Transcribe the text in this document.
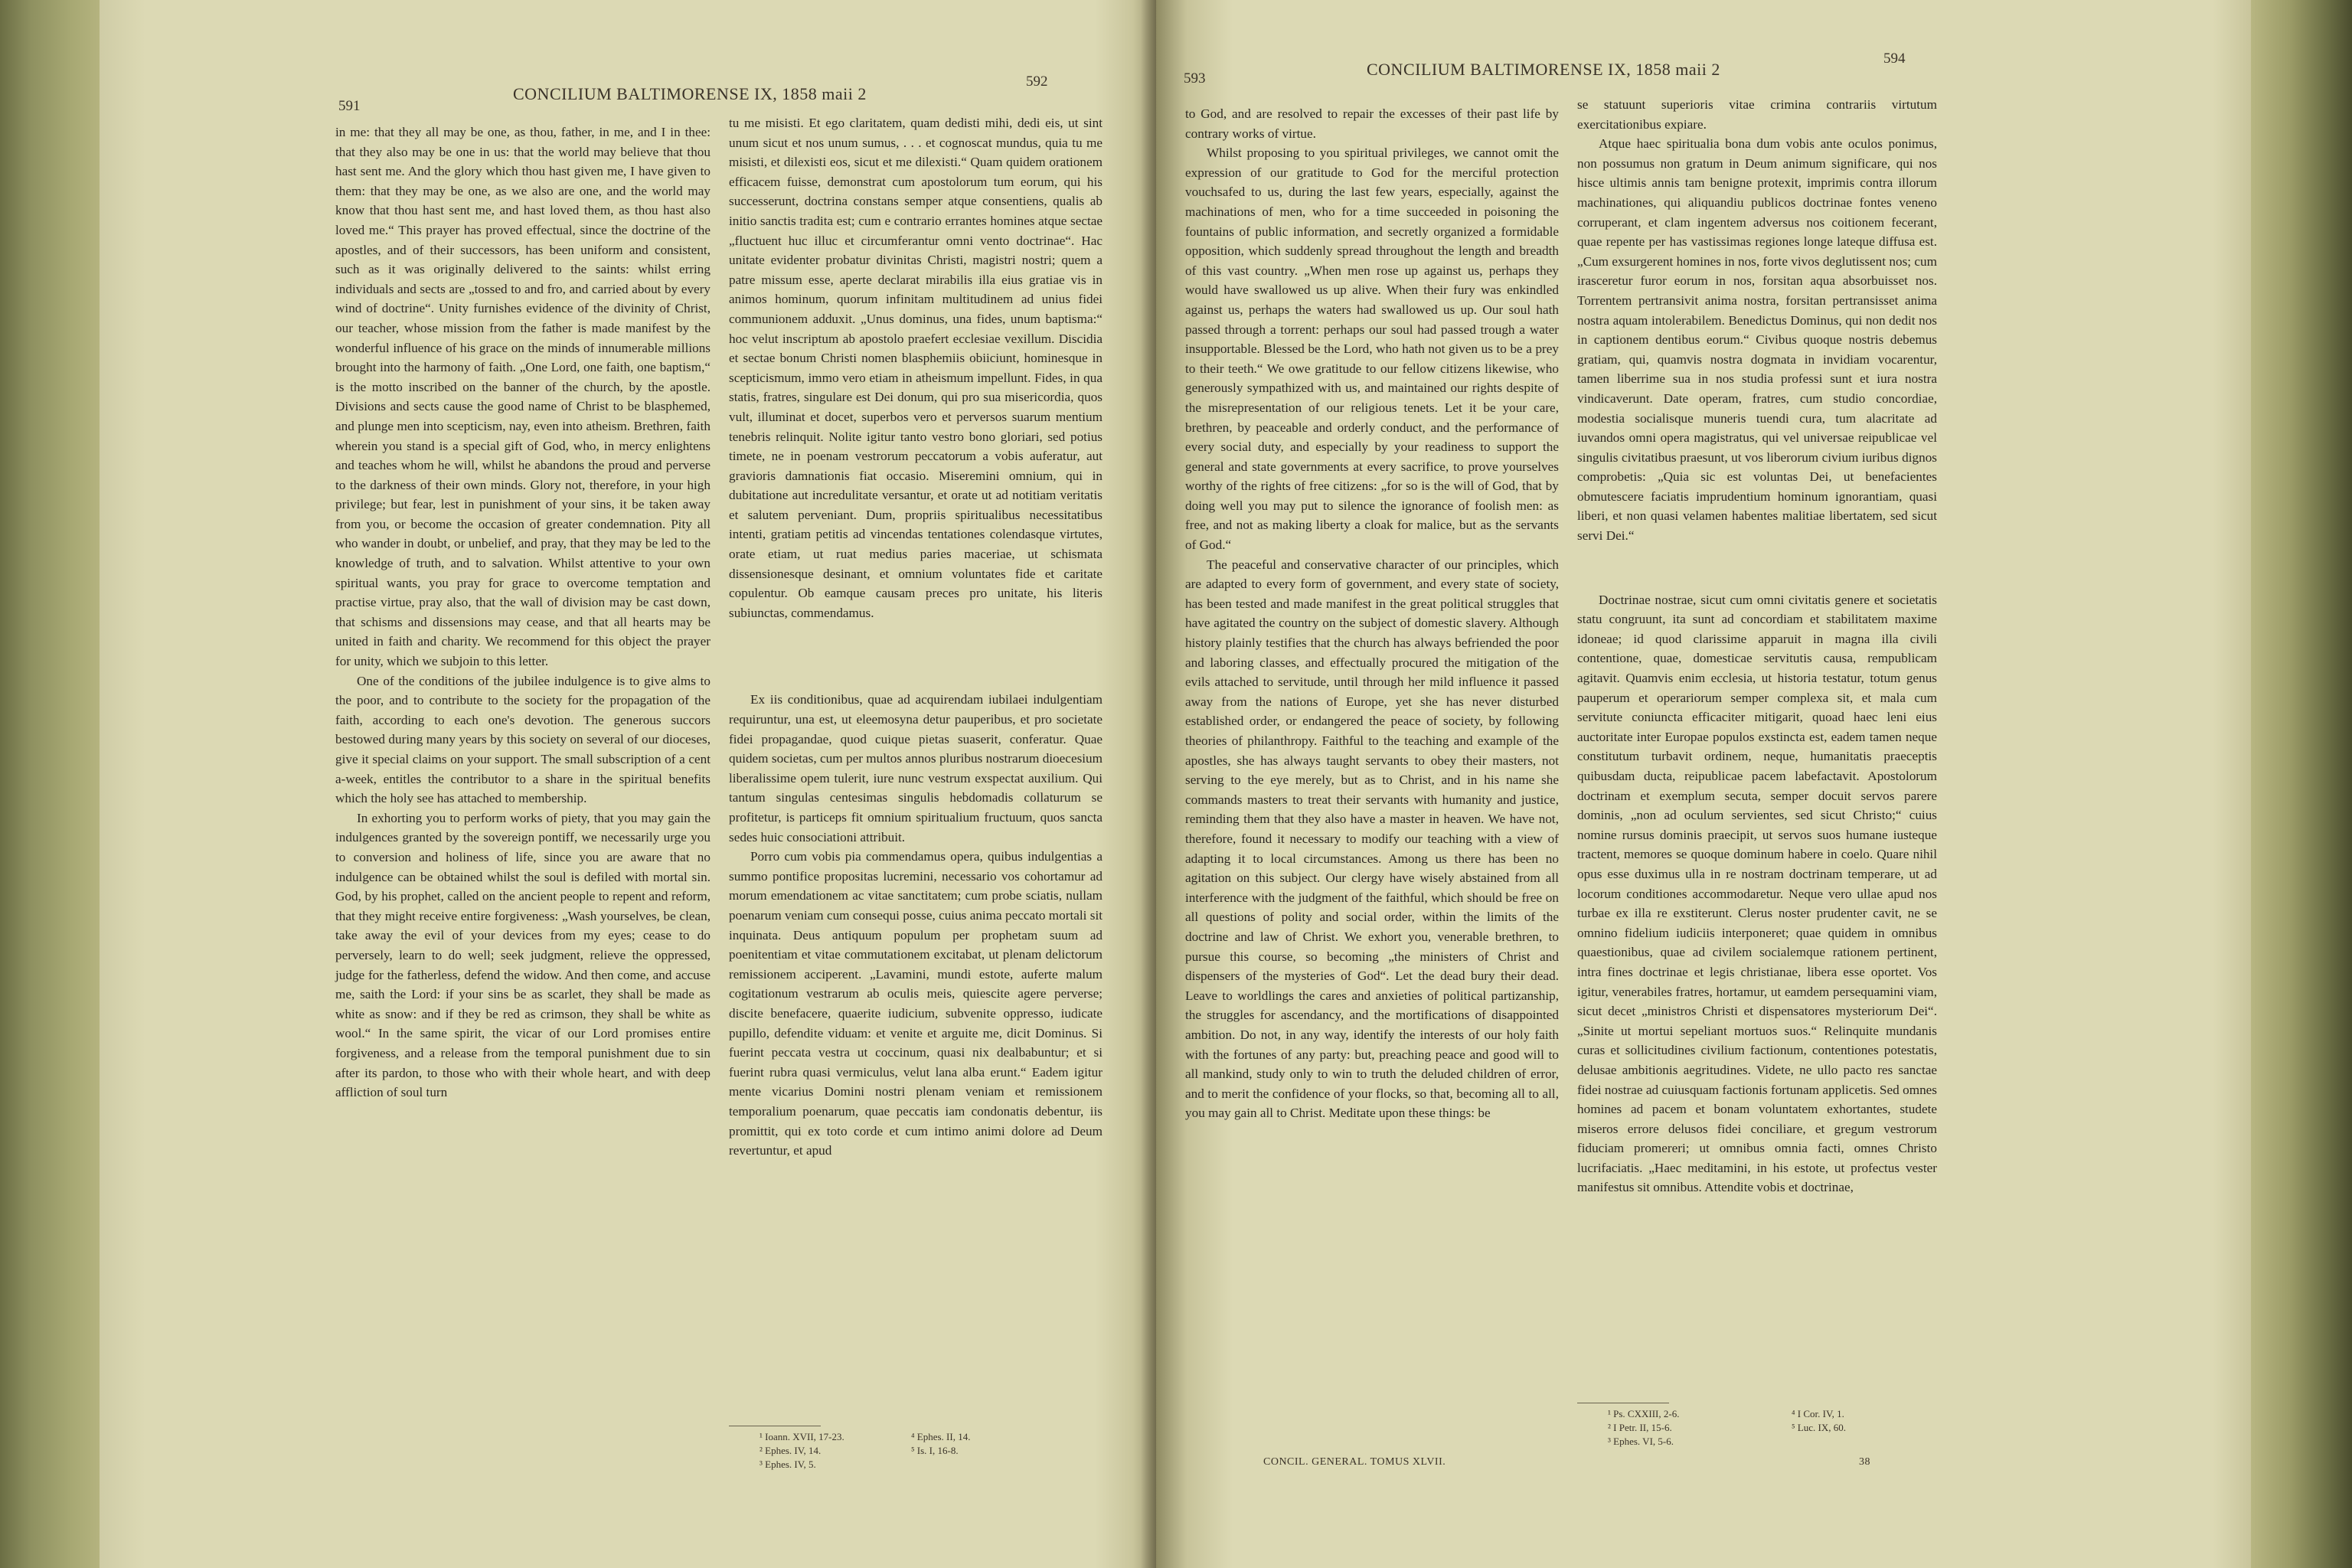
591
CONCILIUM BALTIMORENSE IX, 1858 maii 2
592

in me: that they all may be one, as thou, father, in me, and I in thee: that they also may be one in us: that the world may believe that thou hast sent me. And the glory which thou hast given me, I have given to them: that they may be one, as we also are one, and the world may know that thou hast sent me, and hast loved them, as thou hast also loved me.“ This prayer has proved effectual, since the doctrine of the apostles, and of their successors, has been uniform and consistent, such as it was originally delivered to the saints: whilst erring individuals and sects are „tossed to and fro, and carried about by every wind of doctrine“. Unity furnishes evidence of the divinity of Christ, our teacher, whose mission from the father is made manifest by the wonderful influence of his grace on the minds of innumerable millions brought into the harmony of faith. „One Lord, one faith, one baptism,“ is the motto inscribed on the banner of the church, by the apostle. Divisions and sects cause the good name of Christ to be blasphemed, and plunge men into scepticism, nay, even into atheism. Brethren, faith wherein you stand is a special gift of God, who, in mercy enlightens and teaches whom he will, whilst he abandons the proud and perverse to the darkness of their own minds. Glory not, therefore, in your high privilege; but fear, lest in punishment of your sins, it be taken away from you, or become the occasion of greater condemnation. Pity all who wander in doubt, or unbelief, and pray, that they may be led to the knowledge of truth, and to salvation. Whilst attentive to your own spiritual wants, you pray for grace to overcome temptation and practise virtue, pray also, that the wall of division may be cast down, that schisms and dissensions may cease, and that all hearts may be united in faith and charity. We recommend for this object the prayer for unity, which we subjoin to this letter.

One of the conditions of the jubilee indulgence is to give alms to the poor, and to contribute to the society for the propagation of the faith, according to each one's devotion. The generous succors bestowed during many years by this society on several of our dioceses, give it special claims on your support. The small subscription of a cent a-week, entitles the contributor to a share in the spiritual benefits which the holy see has attached to membership.

In exhorting you to perform works of piety, that you may gain the indulgences granted by the sovereign pontiff, we necessarily urge you to conversion and holiness of life, since you are aware that no indulgence can be obtained whilst the soul is defiled with mortal sin. God, by his prophet, called on the ancient people to repent and reform, that they might receive entire forgiveness: „Wash yourselves, be clean, take away the evil of your devices from my eyes; cease to do perversely, learn to do well; seek judgment, relieve the oppressed, judge for the fatherless, defend the widow. And then come, and accuse me, saith the Lord: if your sins be as scarlet, they shall be made as white as snow: and if they be red as crimson, they shall be white as wool.“ In the same spirit, the vicar of our Lord promises entire forgiveness, and a release from the temporal punishment due to sin after its pardon, to those who with their whole heart, and with deep affliction of soul turn

tu me misisti. Et ego claritatem, quam dedisti mihi, dedi eis, ut sint unum sicut et nos unum sumus, . . . et cognoscat mundus, quia tu me misisti, et dilexisti eos, sicut et me dilexisti.“ Quam quidem orationem efficacem fuisse, demonstrat cum apostolorum tum eorum, qui his successerunt, doctrina constans semper atque consentiens, qualis ab initio sanctis tradita est; cum e contrario errantes homines atque sectae „fluctuent huc illuc et circumferantur omni vento doctrinae“. Hac unitate evidenter probatur divinitas Christi, magistri nostri; quem a patre missum esse, aperte declarat mirabilis illa eius gratiae vis in animos hominum, quorum infinitam multitudinem ad unius fidei communionem adduxit. „Unus dominus, una fides, unum baptisma:“ hoc velut inscriptum ab apostolo praefert ecclesiae vexillum. Discidia et sectae bonum Christi nomen blasphemiis obiiciunt, hominesque in scepticismum, immo vero etiam in atheismum impellunt. Fides, in qua statis, fratres, singulare est Dei donum, qui pro sua misericordia, quos vult, illuminat et docet, superbos vero et perversos suarum mentium tenebris relinquit. Nolite igitur tanto vestro bono gloriari, sed potius timete, ne in poenam vestrorum peccatorum a vobis auferatur, aut gravioris damnationis fiat occasio. Miseremini omnium, qui in dubitatione aut incredulitate versantur, et orate ut ad notitiam veritatis et salutem perveniant. Dum, propriis spiritualibus necessitatibus intenti, gratiam petitis ad vincendas tentationes colendasque virtutes, orate etiam, ut ruat medius paries maceriae, ut schismata dissensionesque desinant, et omnium voluntates fide et caritate copulentur. Ob eamque causam preces pro unitate, his literis subiunctas, commendamus.

Ex iis conditionibus, quae ad acquirendam iubilaei indulgentiam requiruntur, una est, ut eleemosyna detur pauperibus, et pro societate fidei propagandae, quod cuique pietas suaserit, conferatur. Quae quidem societas, cum per multos annos pluribus nostrarum dioecesium liberalissime opem tulerit, iure nunc vestrum exspectat auxilium. Qui tantum singulas centesimas singulis hebdomadis collaturum se profitetur, is particeps fit omnium spiritualium fructuum, quos sancta sedes huic consociationi attribuit.

Porro cum vobis pia commendamus opera, quibus indulgentias a summo pontifice propositas lucremini, necessario vos cohortamur ad morum emendationem ac vitae sanctitatem; cum probe sciatis, nullam poenarum veniam cum consequi posse, cuius anima peccato mortali sit inquinata. Deus antiquum populum per prophetam suum ad poenitentiam et vitae commutationem excitabat, ut plenam delictorum remissionem acciperent. „Lavamini, mundi estote, auferte malum cogitationum vestrarum ab oculis meis, quiescite agere perverse; discite benefacere, quaerite iudicium, subvenite oppresso, iudicate pupillo, defendite viduam: et venite et arguite me, dicit Dominus. Si fuerint peccata vestra ut coccinum, quasi nix dealbabuntur; et si fuerint rubra quasi vermiculus, velut lana alba erunt.“ Eadem igitur mente vicarius Domini nostri plenam veniam et remissionem temporalium poenarum, quae peccatis iam condonatis debentur, iis promittit, qui ex toto corde et cum intimo animi dolore ad Deum revertuntur, et apud

¹ Ioann. XVII, 17-23.
² Ephes. IV, 14.
³ Ephes. IV, 5.
⁴ Ephes. II, 14.
⁵ Is. I, 16-8.
593	CONCILIUM BALTIMORENSE IX, 1858 maii 2
594

to God, and are resolved to repair the excesses of their past life by contrary works of virtue.

Whilst proposing to you spiritual privileges, we cannot omit the expression of our gratitude to God for the merciful protection vouchsafed to us, during the last few years, especially, against the machinations of men, who for a time succeeded in poisoning the fountains of public information, and secretly organized a formidable opposition, which suddenly spread throughout the length and breadth of this vast country. „When men rose up against us, perhaps they would have swallowed us up alive. When their fury was enkindled against us, perhaps the waters had swallowed us up. Our soul hath passed through a torrent: perhaps our soul had passed trough a water insupportable. Blessed be the Lord, who hath not given us to be a prey to their teeth.“ We owe gratitude to our fellow citizens likewise, who generously sympathized with us, and maintained our rights despite of the misrepresentation of our religious tenets. Let it be your care, brethren, by peaceable and orderly conduct, and the performance of every social duty, and especially by your readiness to support the general and state governments at every sacrifice, to prove yourselves worthy of the rights of free citizens: „for so is the will of God, that by doing well you may put to silence the ignorance of foolish men: as free, and not as making liberty a cloak for malice, but as the servants of God.“

The peaceful and conservative character of our principles, which are adapted to every form of government, and every state of society, has been tested and made manifest in the great political struggles that have agitated the country on the subject of domestic slavery. Although history plainly testifies that the church has always befriended the poor and laboring classes, and effectually procured the mitigation of the evils attached to servitude, until through her mild influence it passed away from the nations of Europe, yet she has never disturbed established order, or endangered the peace of society, by following theories of philanthropy. Faithful to the teaching and example of the apostles, she has always taught servants to obey their masters, not serving to the eye merely, but as to Christ, and in his name she commands masters to treat their servants with humanity and justice, reminding them that they also have a master in heaven. We have not, therefore, found it necessary to modify our teaching with a view of adapting it to local circumstances. Among us there has been no agitation on this subject. Our clergy have wisely abstained from all interference with the judgment of the faithful, which should be free on all questions of polity and social order, within the limits of the doctrine and law of Christ. We exhort you, venerable brethren, to pursue this course, so becoming „the ministers of Christ and dispensers of the mysteries of God“. Let the dead bury their dead. Leave to worldlings the cares and anxieties of political partizanship, the struggles for ascendancy, and the mortifications of disappointed ambition. Do not, in any way, identify the interests of our holy faith with the fortunes of any party: but, preaching peace and good will to all mankind, study only to win to truth the deluded children of error, and to merit the confidence of your flocks, so that, becoming all to all, you may gain all to Christ. Meditate upon these things: be

se statuunt superioris vitae crimina contrariis virtutum exercitationibus expiare.

Atque haec spiritualia bona dum vobis ante oculos ponimus, non possumus non gratum in Deum animum significare, qui nos hisce ultimis annis tam benigne protexit, imprimis contra illorum machinationes, qui aliquandiu publicos doctrinae fontes veneno corruperant, et clam ingentem adversus nos coitionem fecerant, quae repente per has vastissimas regiones longe lateque diffusa est. „Cum exsurgerent homines in nos, forte vivos deglutissent nos; cum irasceretur furor eorum in nos, forsitan aqua absorbuisset nos. Torrentem pertransivit anima nostra, forsitan pertransisset anima nostra aquam intolerabilem. Benedictus Dominus, qui non dedit nos in captionem dentibus eorum.“ Civibus quoque nostris debemus gratiam, qui, quamvis nostra dogmata in invidiam vocarentur, tamen liberrime sua in nos studia professi sunt et iura nostra vindicaverunt. Date operam, fratres, cum studio concordiae, modestia socialisque muneris tuendi cura, tum alacritate ad iuvandos omni opera magistratus, qui vel universae reipublicae vel singulis civitatibus praesunt, ut vos liberorum civium iuribus dignos comprobetis: „Quia sic est voluntas Dei, ut benefacientes obmutescere faciatis imprudentium hominum ignorantiam, quasi liberi, et non quasi velamen habentes malitiae libertatem, sed sicut servi Dei.“

Doctrinae nostrae, sicut cum omni civitatis genere et societatis statu congruunt, ita sunt ad concordiam et stabilitatem maxime idoneae; id quod clarissime apparuit in magna illa civili contentione, quae, domesticae servitutis causa, rempublicam agitavit. Quamvis enim ecclesia, ut historia testatur, totum genus pauperum et operariorum semper complexa sit, et mala cum servitute coniuncta efficaciter mitigarit, quoad haec leni eius auctoritate inter Europae populos exstincta est, eadem tamen neque constitutum turbavit ordinem, neque, humanitatis praeceptis quibusdam ducta, reipublicae pacem labefactavit. Apostolorum doctrinam et exemplum secuta, semper docuit servos parere dominis, „non ad oculum servientes, sed sicut Christo;“ cuius nomine rursus dominis praecipit, ut servos suos humane iusteque tractent, memores se quoque dominum habere in coelo. Quare nihil opus esse duximus ulla in re nostram doctrinam temperare, ut ad locorum conditiones accommodaretur. Neque vero ullae apud nos turbae ex illa re exstiterunt. Clerus noster prudenter cavit, ne se omnino fidelium iudiciis interponeret; quae quidem in omnibus quaestionibus, quae ad civilem socialemque rationem pertinent, intra fines doctrinae et legis christianae, libera esse oportet. Vos igitur, venerabiles fratres, hortamur, ut eamdem persequamini viam, sicut decet „ministros Christi et dispensatores mysteriorum Dei“. „Sinite ut mortui sepeliant mortuos suos.“ Relinquite mundanis curas et sollicitudines civilium factionum, contentiones potestatis, delusae ambitionis aegritudines. Videte, ne ullo pacto res sanctae fidei nostrae ad cuiusquam factionis fortunam applicetis. Sed omnes homines ad pacem et bonam voluntatem exhortantes, studete miseros errore delusos fidei conciliare, et gregum vestrorum fiduciam promereri; ut omnibus omnia facti, omnes Christo lucrifaciatis. „Haec meditamini, in his estote, ut profectus vester manifestus sit omnibus. Attendite vobis et doctrinae,

¹ Ps. CXXIII, 2-6.
² I Petr. II, 15-6.
³ Ephes. VI, 5-6.
⁴ I Cor. IV, 1.
⁵ Luc. IX, 60.
CONCIL. GENERAL. TOMUS XLVII.	38
